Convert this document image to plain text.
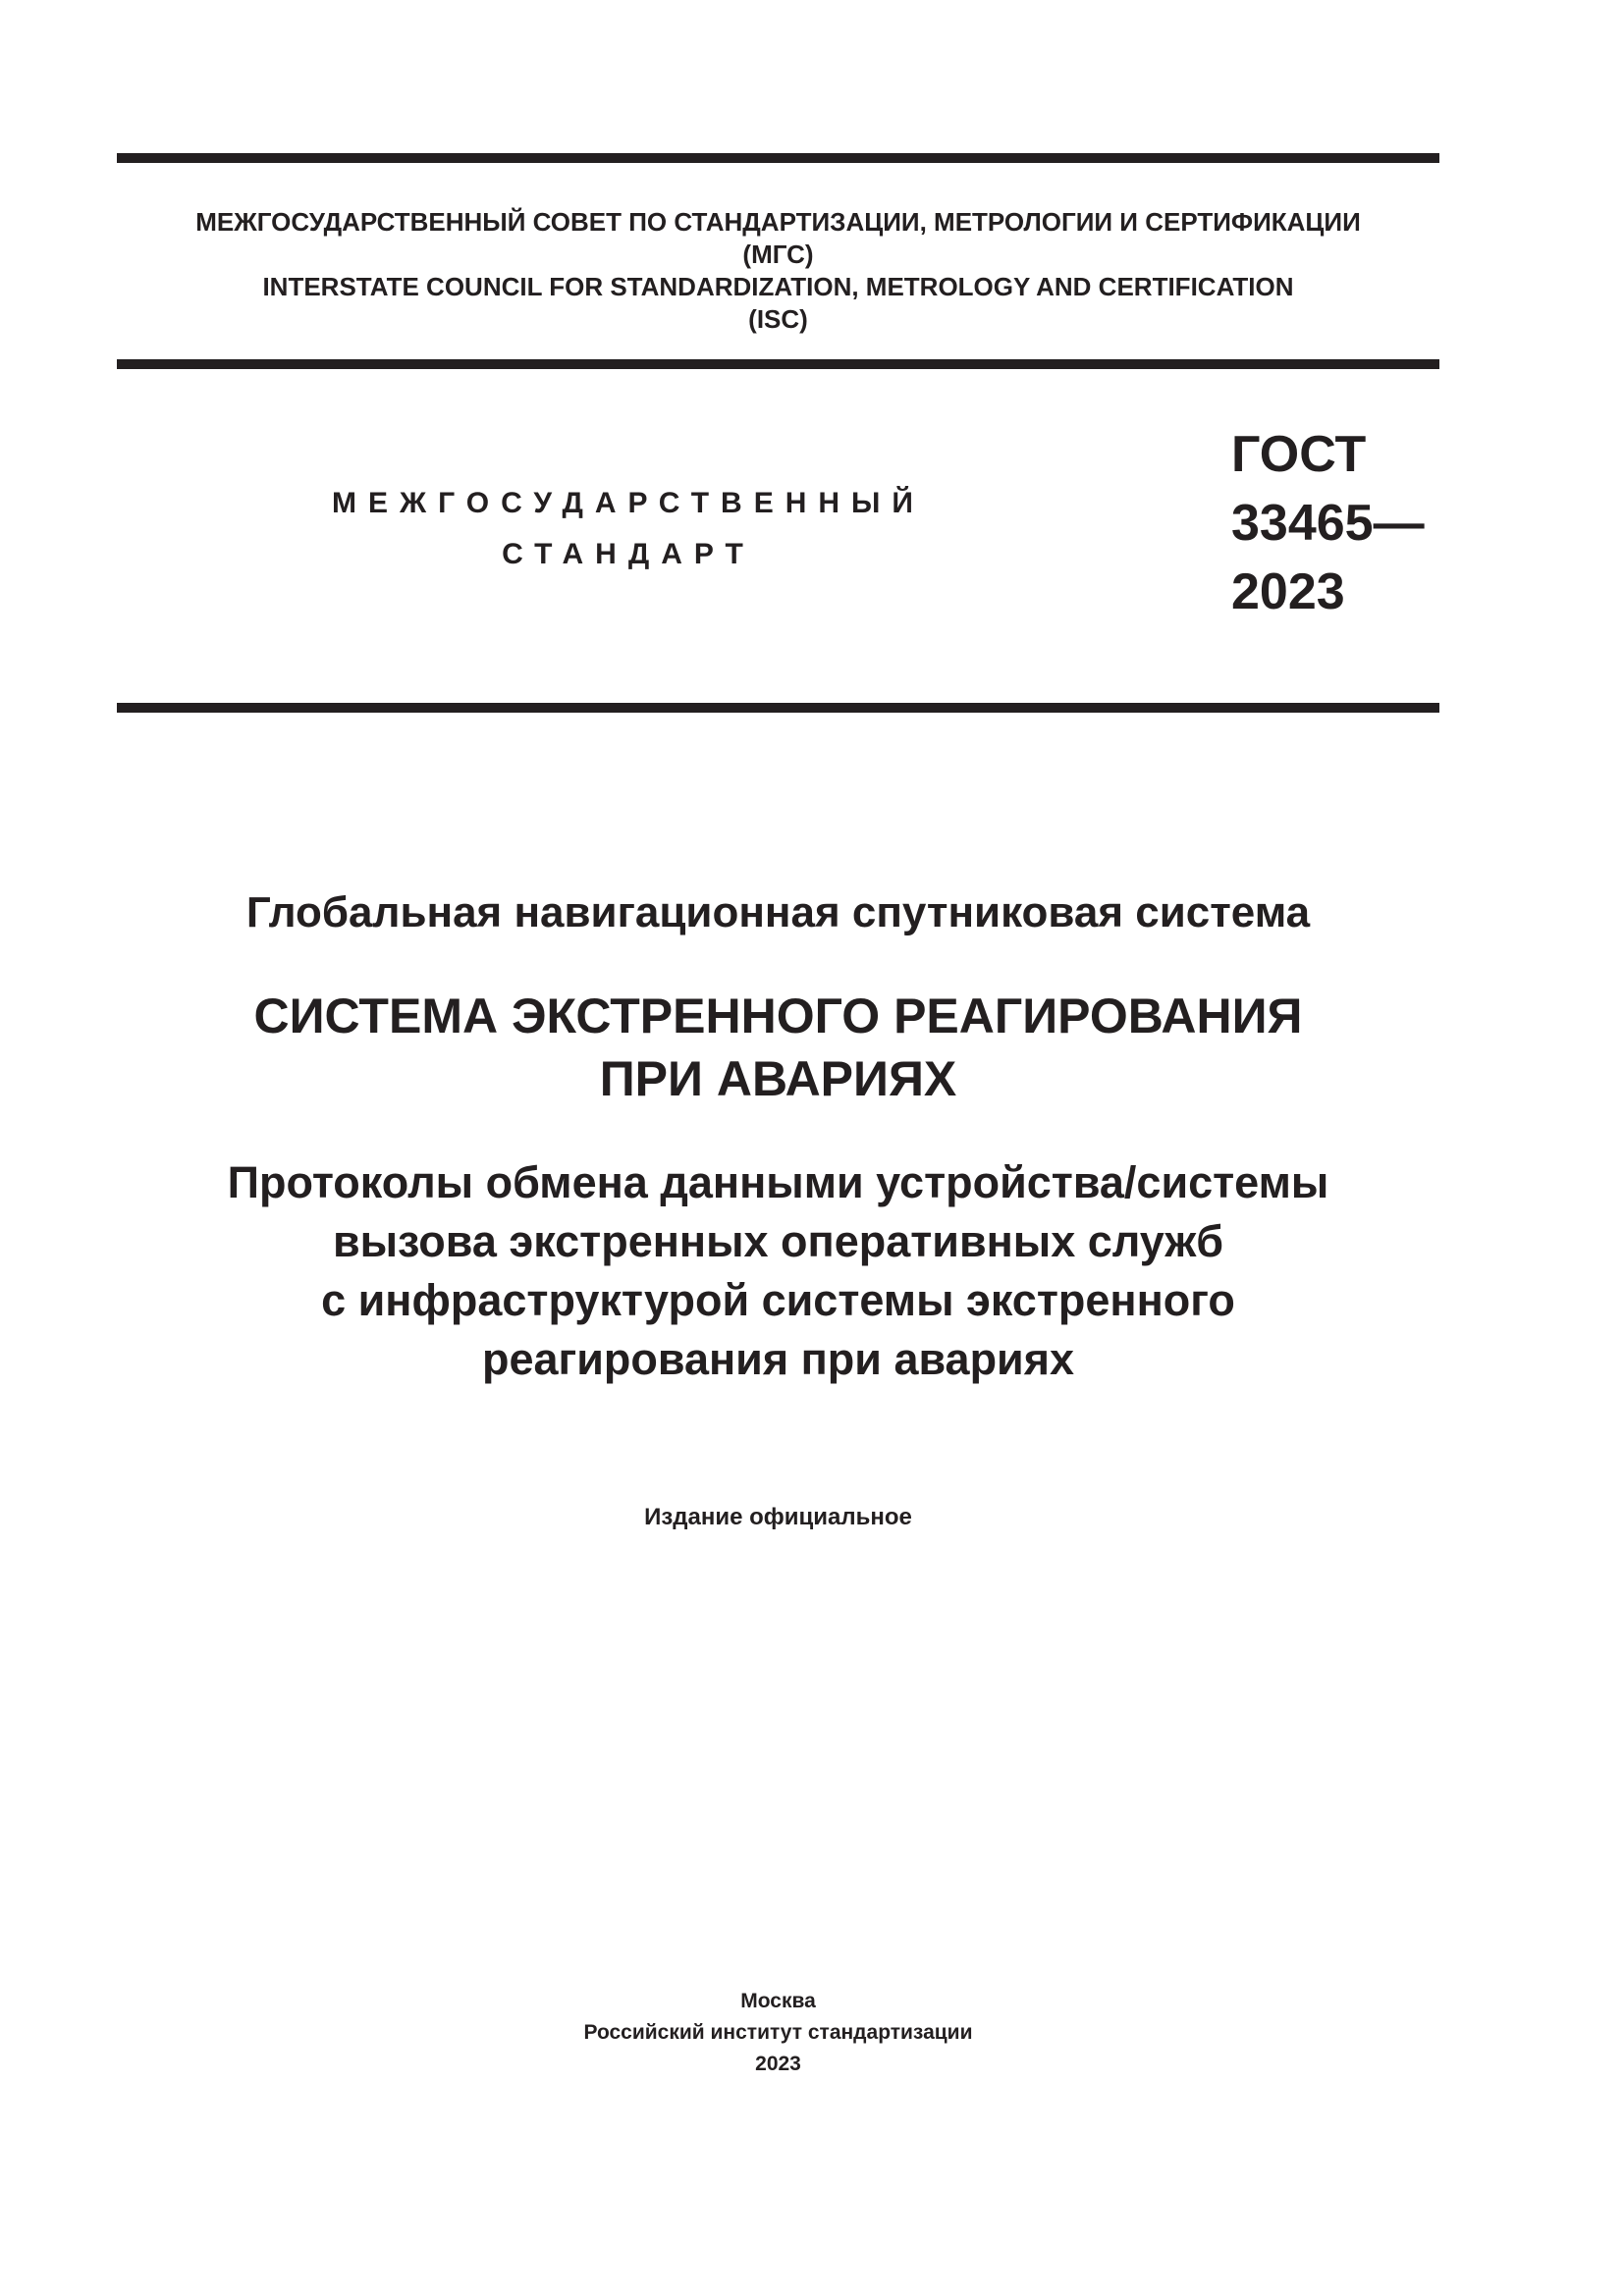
МЕЖГОСУДАРСТВЕННЫЙ СОВЕТ ПО СТАНДАРТИЗАЦИИ, МЕТРОЛОГИИ И СЕРТИФИКАЦИИ
(МГС)
INTERSTATE COUNCIL FOR STANDARDIZATION, METROLOGY AND CERTIFICATION
(ISC)
МЕЖГОСУДАРСТВЕННЫЙ
СТАНДАРТ
ГОСТ
33465—
2023
Глобальная навигационная спутниковая система
СИСТЕМА ЭКСТРЕННОГО РЕАГИРОВАНИЯ
ПРИ АВАРИЯХ
Протоколы обмена данными устройства/системы
вызова экстренных оперативных служб
с инфраструктурой системы экстренного
реагирования при авариях
Издание официальное
Москва
Российский институт стандартизации
2023
